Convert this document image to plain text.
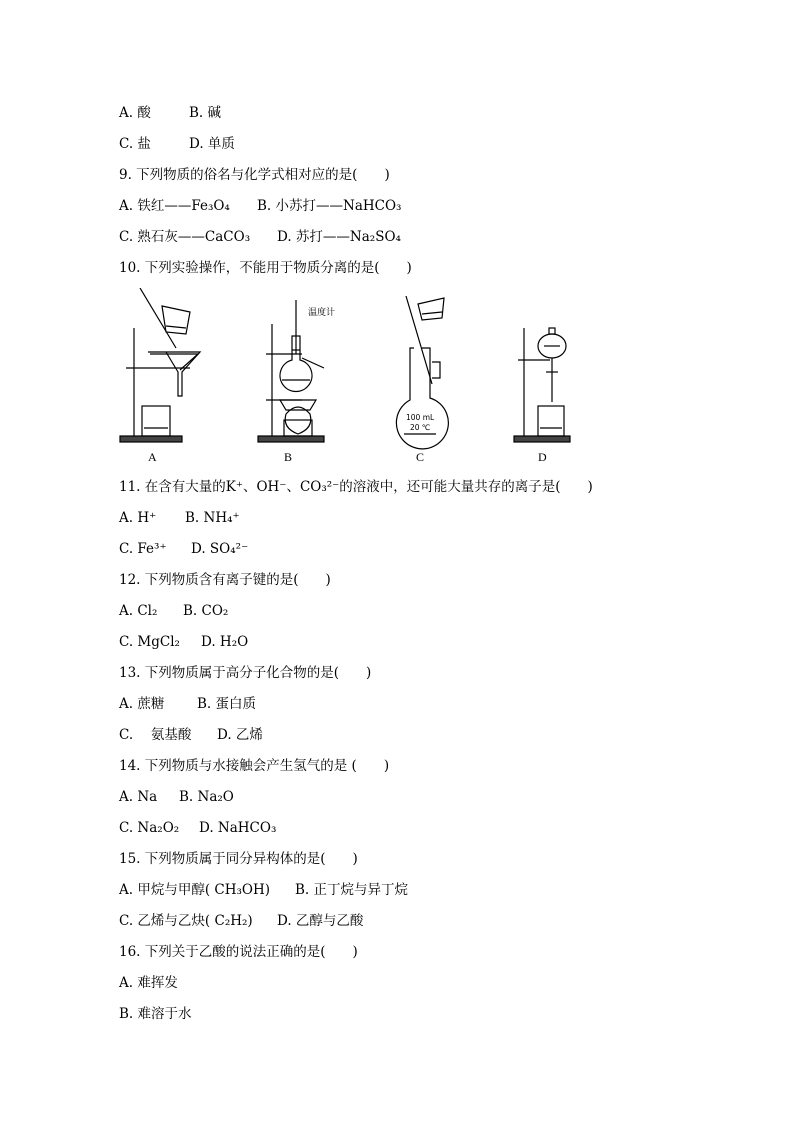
A. 酸	B. 碱
C. 盐	D. 单质
9. 下列物质的俗名与化学式相对应的是(　　)
A. 铁红——Fe₃O₄ B. 小苏打——NaHCO₃
C. 熟石灰——CaCO₃ D. 苏打——Na₂SO₄
10. 下列实验操作，不能用于物质分离的是(　　)
温度计
100 mL
20 ℃
A	B	C	D
11. 在含有大量的K⁺、OH⁻、CO₃²⁻的溶液中，还可能大量共存的离子是(　　)
A. H⁺ B. NH₄⁺
C. Fe³⁺ D. SO₄²⁻
12. 下列物质含有离子键的是(　　)
A. Cl₂ B. CO₂
C. MgCl₂ D. H₂O
13. 下列物质属于高分子化合物的是(　　)
A. 蔗糖 B. 蛋白质
C. 　氨基酸 D. 乙烯
14. 下列物质与水接触会产生氢气的是 (　　)
A. Na B. Na₂O
C. Na₂O₂ D. NaHCO₃
15. 下列物质属于同分异构体的是(　　)
A. 甲烷与甲醇( CH₃OH) B. 正丁烷与异丁烷
C. 乙烯与乙炔( C₂H₂) D. 乙醇与乙酸
16. 下列关于乙酸的说法正确的是(　　)
A. 难挥发
B. 难溶于水
